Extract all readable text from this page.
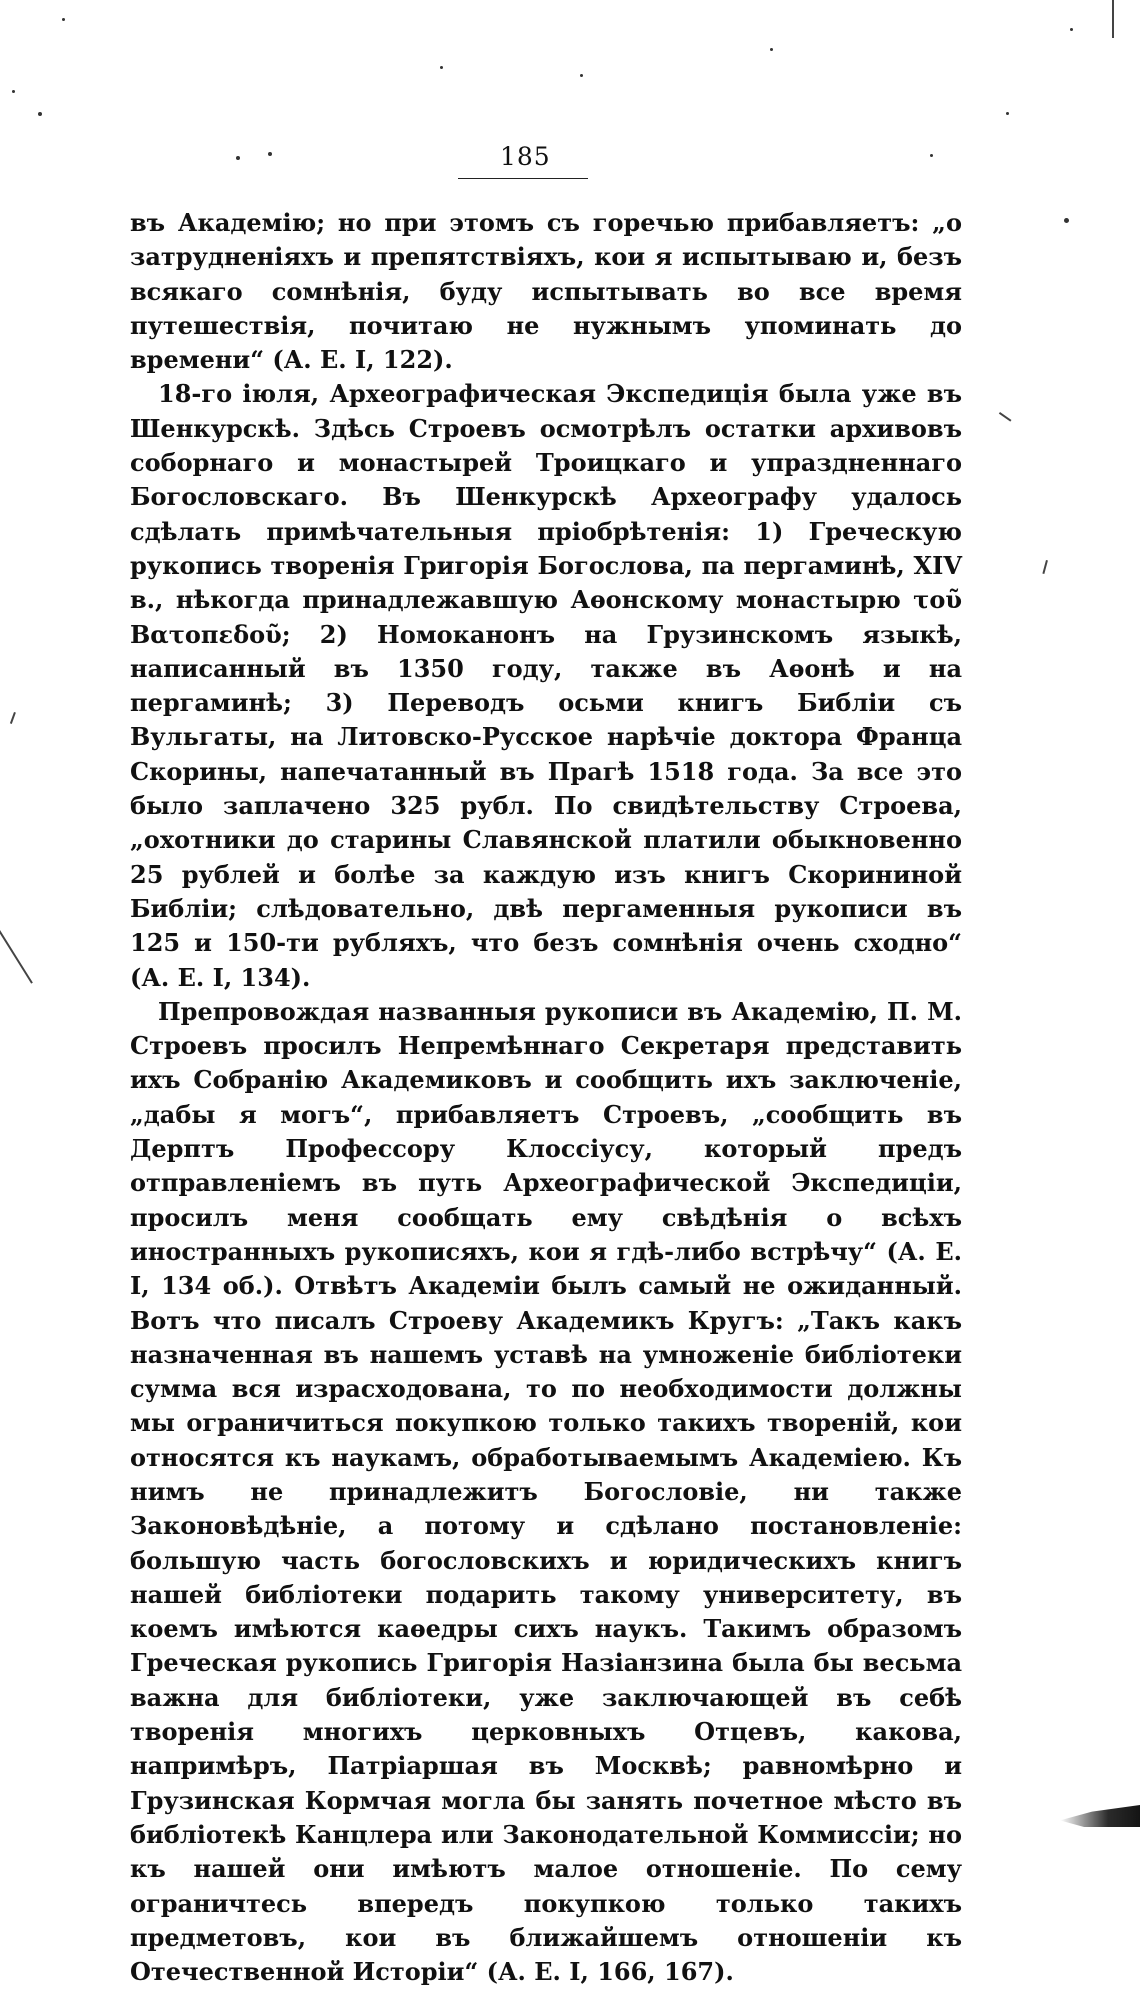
185

въ Академію; но при этомъ съ горечью прибавляетъ: „о затрудненіяхъ и препятствіяхъ, кои я испытываю и, безъ всякаго сомнѣнія, буду испытывать во все время путешествія, почитаю не нужнымъ упоминать до времени“ (А. Е. I, 122).

18-го іюля, Археографическая Экспедиція была уже въ Шенкурскѣ. Здѣсь Строевъ осмотрѣлъ остатки архивовъ соборнаго и монастырей Троицкаго и упраздненнаго Богословскаго. Въ Шенкурскѣ Археографу удалось сдѣлать примѣчательныя пріобрѣтенія: 1) Греческую рукопись творенія Григорія Богослова, па пергаминѣ, XIV в., нѣкогда принадлежавшую Аѳонскому монастырю τοῦ Βατοπεδοῦ; 2) Номоканонъ на Грузинскомъ языкѣ, написанный въ 1350 году, также въ Аѳонѣ и на пергаминѣ; 3) Переводъ осьми книгъ Библіи съ Вульгаты, на Литовско-Русское нарѣчіе доктора Франца Скорины, напечатанный въ Прагѣ 1518 года. За все это было заплачено 325 рубл. По свидѣтельству Строева, „охотники до старины Славянской платили обыкновенно 25 рублей и болѣе за каждую изъ книгъ Скорининой Библіи; слѣдовательно, двѣ пергаменныя рукописи въ 125 и 150-ти рубляхъ, что безъ сомнѣнія очень сходно“ (А. Е. I, 134).

Препровождая названныя рукописи въ Академію, П. М. Строевъ просилъ Непремѣннаго Секретаря представить ихъ Собранію Академиковъ и сообщить ихъ заключеніе, „дабы я могъ“, прибавляетъ Строевъ, „сообщить въ Дерптъ Профессору Клоссіусу, который предъ отправленіемъ въ путь Археографической Экспедиціи, просилъ меня сообщать ему свѣдѣнія о всѣхъ иностранныхъ рукописяхъ, кои я гдѣ-либо встрѣчу“ (А. Е. I, 134 об.). Отвѣтъ Академіи былъ самый не ожиданный. Вотъ что писалъ Строеву Академикъ Кругъ: „Такъ какъ назначенная въ нашемъ уставѣ на умноженіе библіотеки сумма вся израсходована, то по необходимости должны мы ограничиться покупкою только такихъ твореній, кои относятся къ наукамъ, обработываемымъ Академіею. Къ нимъ не принадлежитъ Богословіе, ни также Законовѣдѣніе, а потому и сдѣлано постановленіе: большую часть богословскихъ и юридическихъ книгъ нашей библіотеки подарить такому университету, въ коемъ имѣются каѳедры сихъ наукъ. Такимъ образомъ Греческая рукопись Григорія Назіанзина была бы весьма важна для библіотеки, уже заключающей въ себѣ творенія многихъ церковныхъ Отцевъ, какова, напримѣръ, Патріаршая въ Москвѣ; равномѣрно и Грузинская Кормчая могла бы занять почетное мѣсто въ библіотекѣ Канцлера или Законодательной Коммиссіи; но къ нашей они имѣютъ малое отношеніе. По сему ограничтесь впередъ покупкою только такихъ предметовъ, кои въ ближайшемъ отношеніи къ Отечественной Исторіи“ (А. Е. I, 166, 167).
